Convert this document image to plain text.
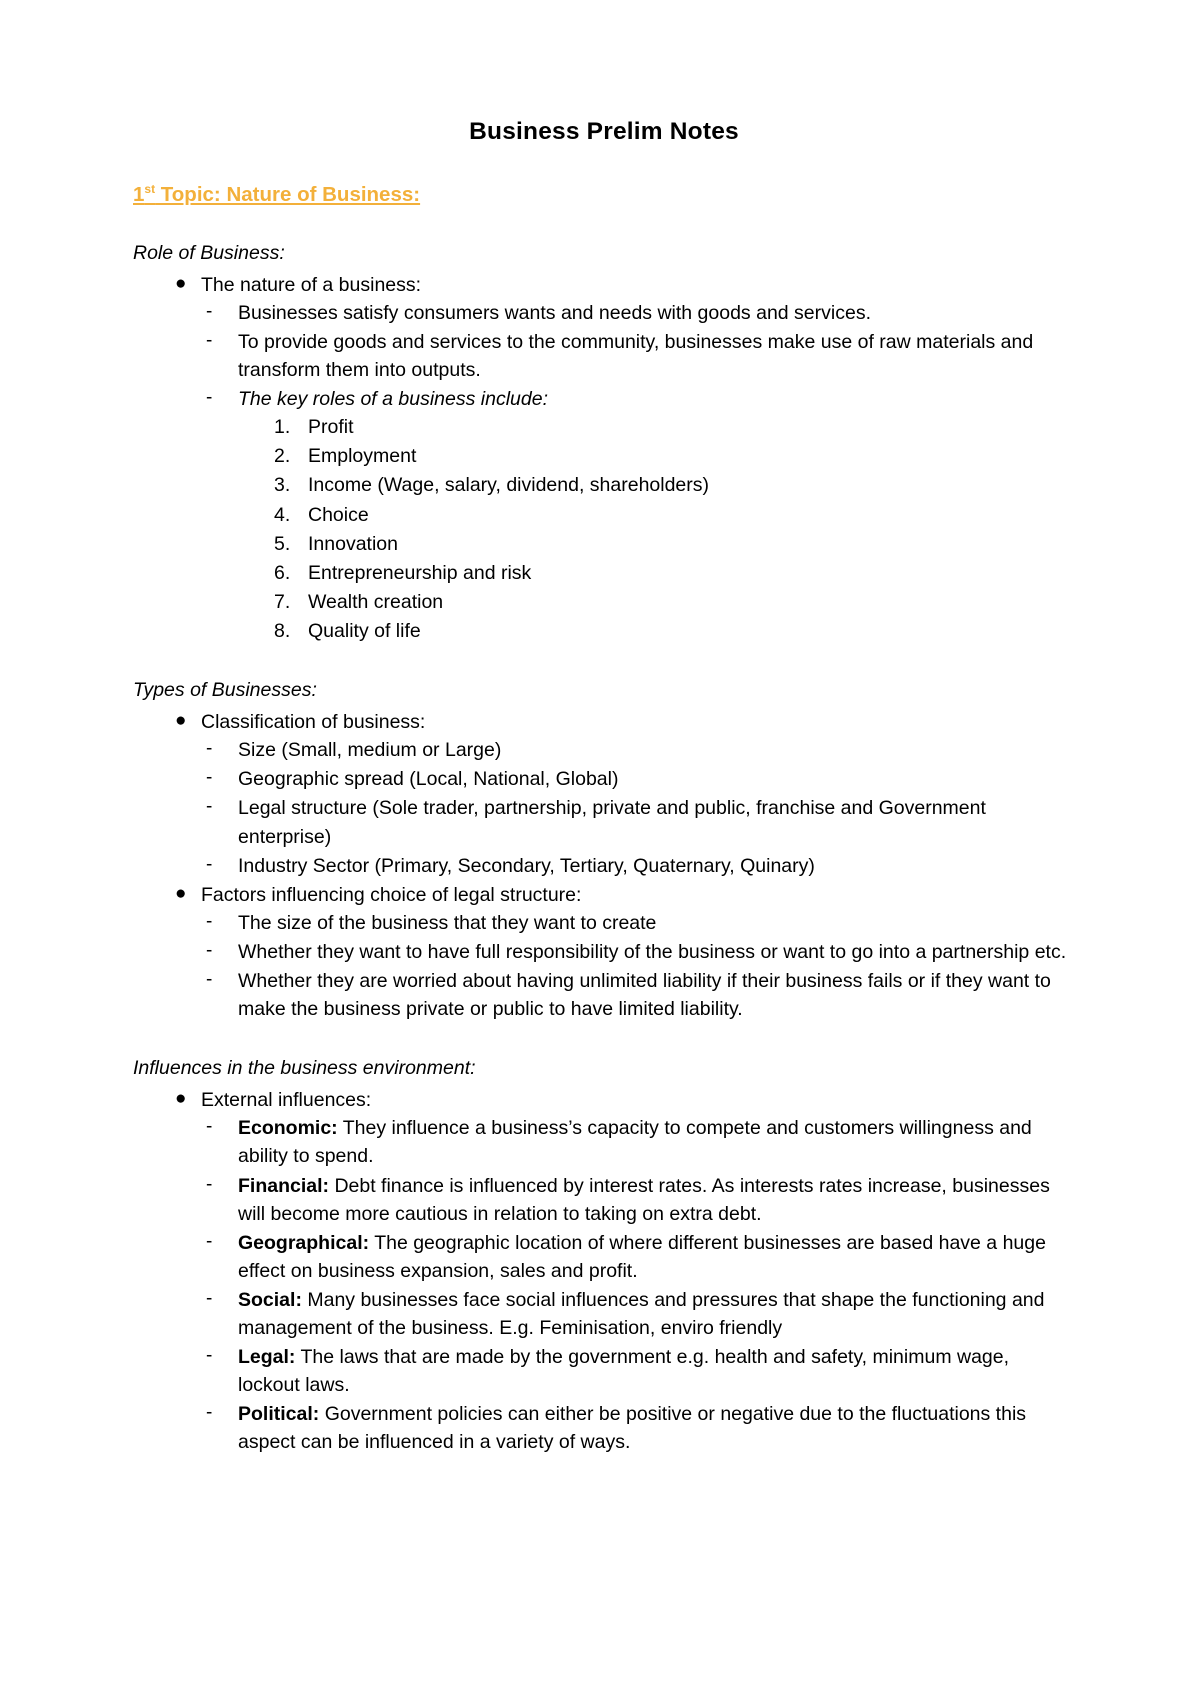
Business Prelim Notes
1st Topic: Nature of Business:
Role of Business:
● The nature of a business:
- Businesses satisfy consumers wants and needs with goods and services.
- To provide goods and services to the community, businesses make use of raw materials and transform them into outputs.
- The key roles of a business include:
Profit
Employment
Income (Wage, salary, dividend, shareholders)
Choice
Innovation
Entrepreneurship and risk
Wealth creation
Quality of life
Types of Businesses:
● Classification of business:
- Size (Small, medium or Large)
- Geographic spread (Local, National, Global)
- Legal structure (Sole trader, partnership, private and public, franchise and Government enterprise)
- Industry Sector (Primary, Secondary, Tertiary, Quaternary, Quinary)
● Factors influencing choice of legal structure:
- The size of the business that they want to create
- Whether they want to have full responsibility of the business or want to go into a partnership etc.
- Whether they are worried about having unlimited liability if their business fails or if they want to make the business private or public to have limited liability.
Influences in the business environment:
● External influences:
- Economic: They influence a business’s capacity to compete and customers willingness and ability to spend.
- Financial: Debt finance is influenced by interest rates. As interests rates increase, businesses will become more cautious in relation to taking on extra debt.
- Geographical: The geographic location of where different businesses are based have a huge effect on business expansion, sales and profit.
- Social: Many businesses face social influences and pressures that shape the functioning and management of the business. E.g. Feminisation, enviro friendly
- Legal: The laws that are made by the government e.g. health and safety, minimum wage, lockout laws.
- Political: Government policies can either be positive or negative due to the fluctuations this aspect can be influenced in a variety of ways.
